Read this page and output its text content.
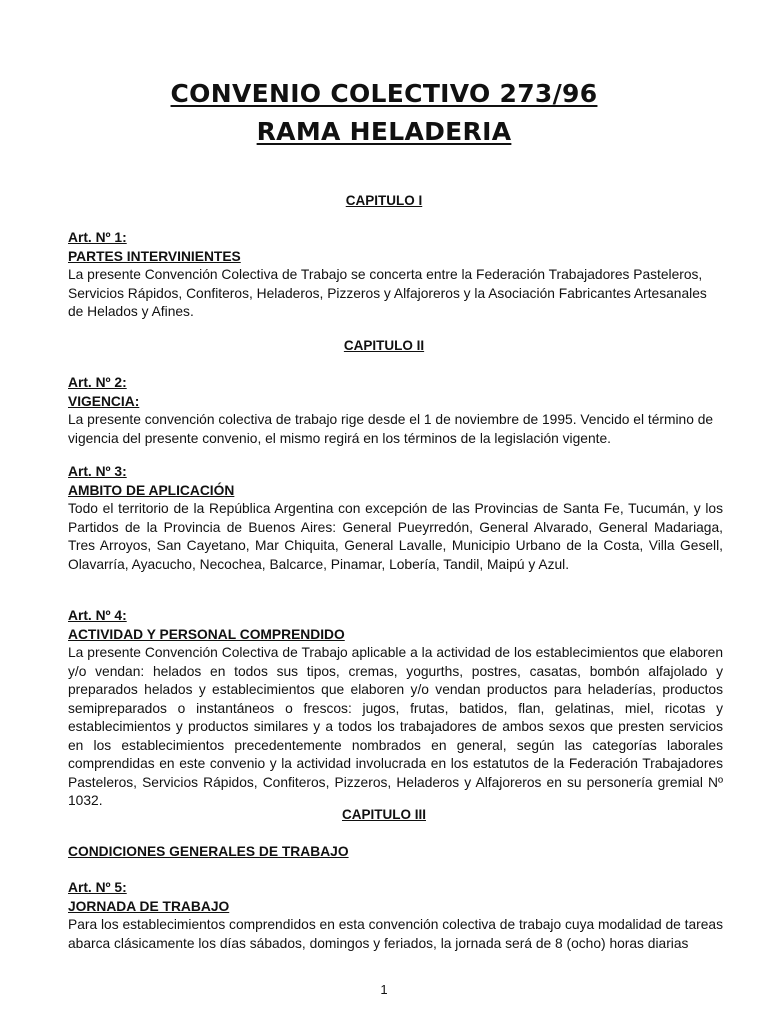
CONVENIO COLECTIVO 273/96
RAMA HELADERIA
CAPITULO I
Art. Nº 1:
PARTES INTERVINIENTES
La presente Convención Colectiva de Trabajo se concerta entre la Federación Trabajadores Pasteleros, Servicios Rápidos, Confiteros, Heladeros, Pizzeros y Alfajoreros y la Asociación Fabricantes Artesanales de Helados y Afines.
CAPITULO II
Art. Nº 2:
VIGENCIA:
La presente convención colectiva de trabajo rige desde el 1 de noviembre de 1995. Vencido el término de vigencia del presente convenio, el mismo regirá en los términos de la legislación vigente.
Art. Nº 3:
AMBITO DE APLICACIÓN
Todo el territorio de la República Argentina con excepción de las Provincias de Santa Fe, Tucumán, y los Partidos de la Provincia de Buenos Aires: General Pueyrredón, General Alvarado, General Madariaga, Tres Arroyos, San Cayetano, Mar Chiquita, General Lavalle, Municipio Urbano de la Costa, Villa Gesell, Olavarría, Ayacucho, Necochea, Balcarce, Pinamar, Lobería, Tandil, Maipú y Azul.
Art. Nº 4:
ACTIVIDAD Y PERSONAL COMPRENDIDO
La presente Convención Colectiva de Trabajo aplicable a la actividad de los establecimientos que elaboren y/o vendan: helados en todos sus tipos, cremas, yogurths, postres, casatas, bombón alfajolado y preparados helados y establecimientos que elaboren y/o vendan productos para heladerías, productos semipreparados o instantáneos o frescos: jugos, frutas, batidos, flan, gelatinas, miel, ricotas y establecimientos y productos similares y a todos los trabajadores de ambos sexos que presten servicios en los establecimientos precedentemente nombrados en general, según las categorías laborales comprendidas en este convenio y la actividad involucrada en los estatutos de la Federación Trabajadores Pasteleros, Servicios Rápidos, Confiteros, Pizzeros, Heladeros y Alfajoreros en su personería gremial Nº 1032.
CAPITULO III
CONDICIONES GENERALES DE TRABAJO
Art. Nº 5:
JORNADA DE TRABAJO
Para los establecimientos comprendidos en esta convención colectiva de trabajo cuya modalidad de tareas abarca clásicamente los días sábados, domingos y feriados, la jornada será de 8 (ocho) horas diarias
1
